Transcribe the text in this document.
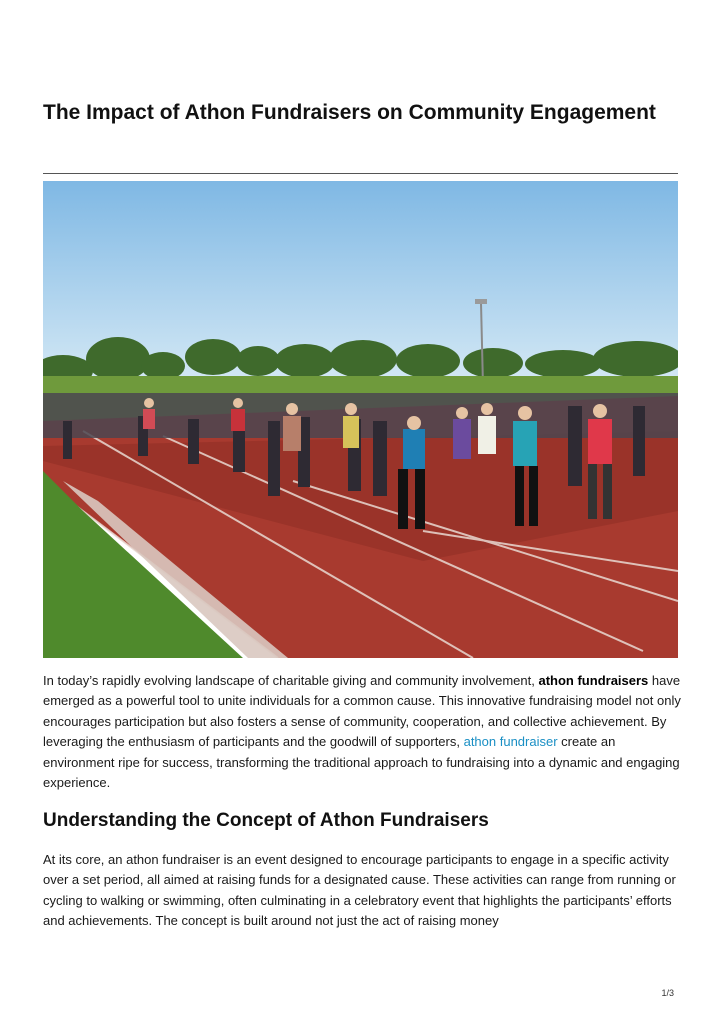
The Impact of Athon Fundraisers on Community Engagement

In today’s rapidly evolving landscape of charitable giving and community involvement, athon fundraisers have emerged as a powerful tool to unite individuals for a common cause. This innovative fundraising model not only encourages participation but also fosters a sense of community, cooperation, and collective achievement. By leveraging the enthusiasm of participants and the goodwill of supporters, athon fundraiser create an environment ripe for success, transforming the traditional approach to fundraising into a dynamic and engaging experience.

Understanding the Concept of Athon Fundraisers

At its core, an athon fundraiser is an event designed to encourage participants to engage in a specific activity over a set period, all aimed at raising funds for a designated cause. These activities can range from running or cycling to walking or swimming, often culminating in a celebratory event that highlights the participants’ efforts and achievements. The concept is built around not just the act of raising money

1/3
